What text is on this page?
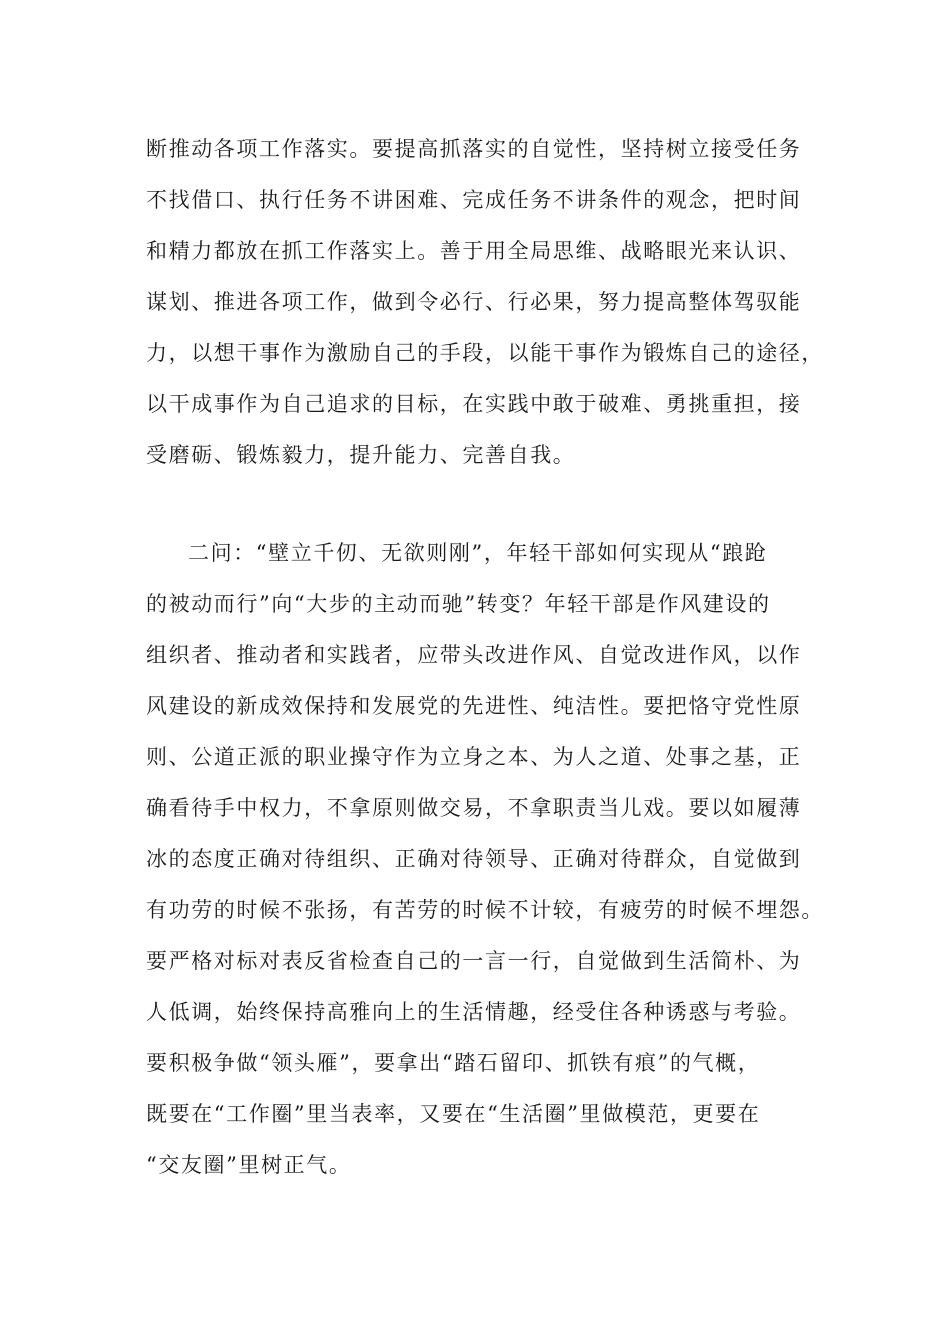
断推动各项工作落实。要提高抓落实的自觉性，坚持树立接受任务
不找借口、执行任务不讲困难、完成任务不讲条件的观念，把时间
和精力都放在抓工作落实上。善于用全局思维、战略眼光来认识、
谋划、推进各项工作，做到令必行、行必果，努力提高整体驾驭能
力，以想干事作为激励自己的手段，以能干事作为锻炼自己的途径，
以干成事作为自己追求的目标，在实践中敢于破难、勇挑重担，接
受磨砺、锻炼毅力，提升能力、完善自我。
二问：“壁立千仞、无欲则刚”，年轻干部如何实现从“踉跄
的被动而行”向“大步的主动而驰”转变？年轻干部是作风建设的
组织者、推动者和实践者，应带头改进作风、自觉改进作风，以作
风建设的新成效保持和发展党的先进性、纯洁性。要把恪守党性原
则、公道正派的职业操守作为立身之本、为人之道、处事之基，正
确看待手中权力，不拿原则做交易，不拿职责当儿戏。要以如履薄
冰的态度正确对待组织、正确对待领导、正确对待群众，自觉做到
有功劳的时候不张扬，有苦劳的时候不计较，有疲劳的时候不埋怨。
要严格对标对表反省检查自己的一言一行，自觉做到生活简朴、为
人低调，始终保持高雅向上的生活情趣，经受住各种诱惑与考验。
要积极争做“领头雁”，要拿出“踏石留印、抓铁有痕”的气概，
既要在“工作圈”里当表率，又要在“生活圈”里做模范，更要在
“交友圈”里树正气。
